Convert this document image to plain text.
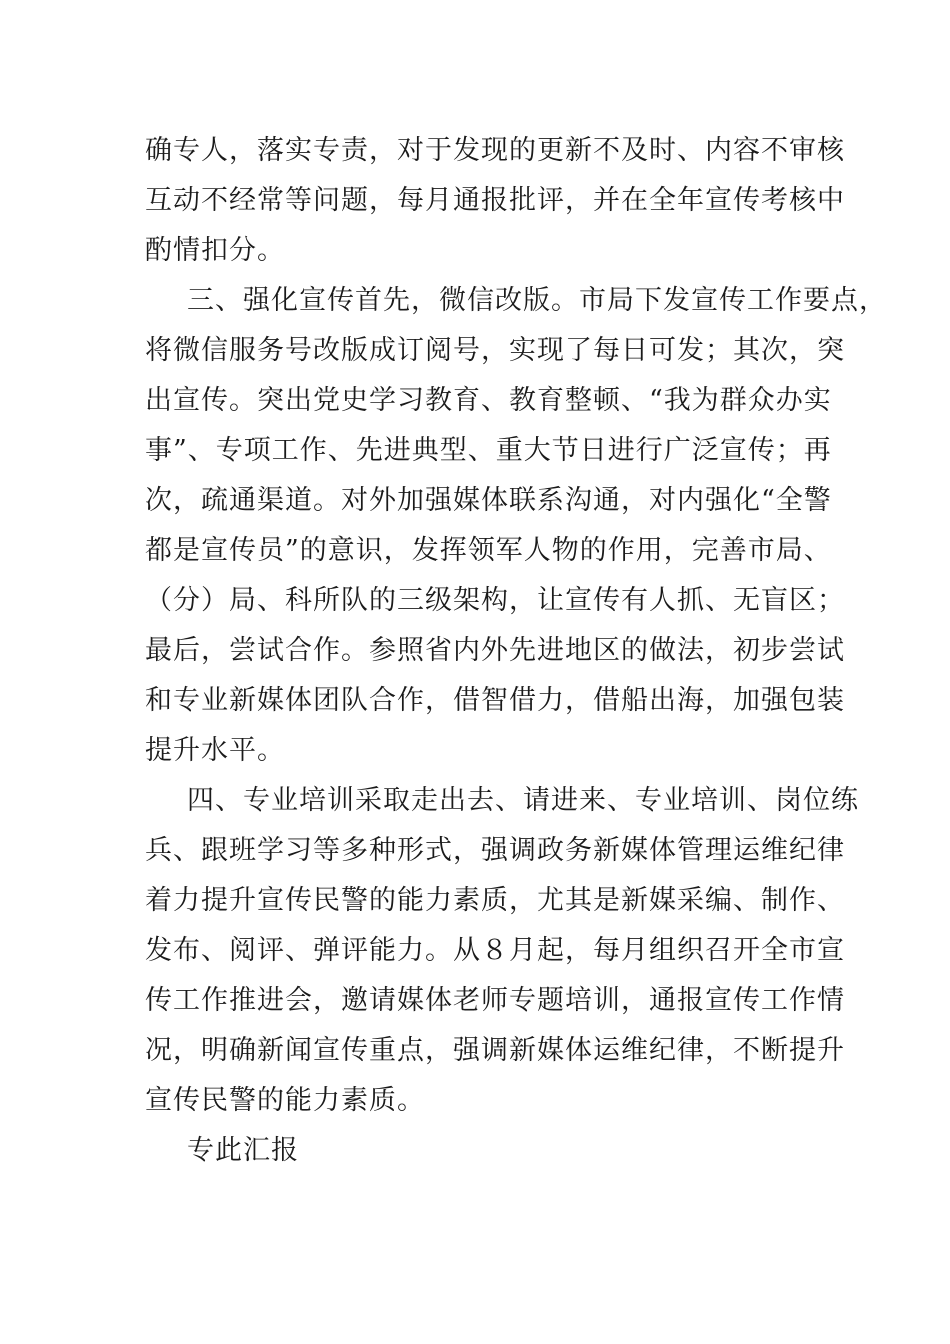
确专人，落实专责，对于发现的更新不及时、内容不审核
互动不经常等问题，每月通报批评，并在全年宣传考核中
酌情扣分。
三、强化宣传首先，微信改版。市局下发宣传工作要点，
将微信服务号改版成订阅号，实现了每日可发；其次，突
出宣传。突出党史学习教育、教育整顿、“我为群众办实
事”、专项工作、先进典型、重大节日进行广泛宣传；再
次，疏通渠道。对外加强媒体联系沟通，对内强化“全警
都是宣传员”的意识，发挥领军人物的作用，完善市局、
（分）局、科所队的三级架构，让宣传有人抓、无盲区；
最后，尝试合作。参照省内外先进地区的做法，初步尝试
和专业新媒体团队合作，借智借力，借船出海，加强包装
提升水平。
四、专业培训采取走出去、请进来、专业培训、岗位练
兵、跟班学习等多种形式，强调政务新媒体管理运维纪律
着力提升宣传民警的能力素质，尤其是新媒采编、制作、
发布、阅评、弹评能力。从８月起，每月组织召开全市宣
传工作推进会，邀请媒体老师专题培训，通报宣传工作情
况，明确新闻宣传重点，强调新媒体运维纪律，不断提升
宣传民警的能力素质。
专此汇报
